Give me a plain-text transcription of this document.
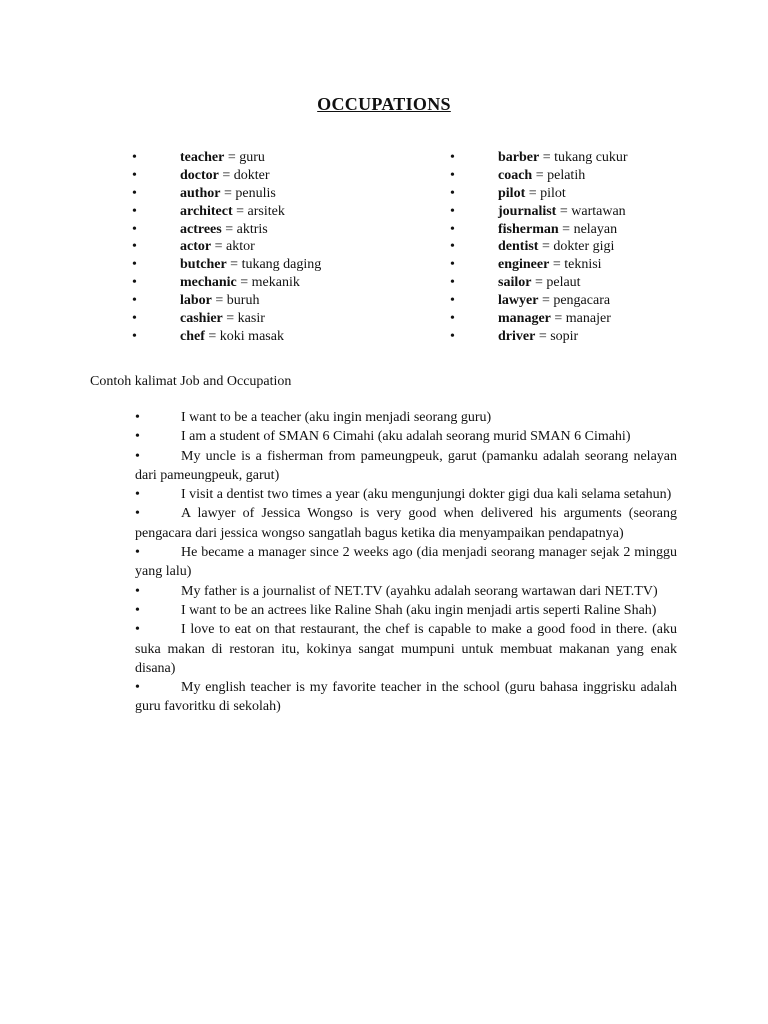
OCCUPATIONS
•	teacher = guru
•	doctor = dokter
•	author = penulis
•	architect = arsitek
•	actrees = aktris
•	actor = aktor
•	butcher = tukang daging
•	mechanic = mekanik
•	labor = buruh
•	cashier = kasir
•	chef = koki masak
•	barber = tukang cukur
•	coach = pelatih
•	pilot = pilot
•	journalist = wartawan
•	fisherman = nelayan
•	dentist = dokter gigi
•	engineer = teknisi
•	sailor = pelaut
•	lawyer = pengacara
•	manager = manajer
•	driver = sopir
Contoh kalimat Job and Occupation
•	I want to be a teacher (aku ingin menjadi seorang guru)
•	I am a student of SMAN 6 Cimahi (aku adalah seorang murid SMAN 6 Cimahi)
•	My uncle is a fisherman from pameungpeuk, garut (pamanku adalah seorang nelayan dari pameungpeuk, garut)
•	I visit a dentist two times a year (aku mengunjungi dokter gigi dua kali selama setahun)
•	A lawyer of Jessica Wongso is very good when delivered his arguments (seorang pengacara dari jessica wongso sangatlah bagus ketika dia menyampaikan pendapatnya)
•	He became a manager since 2 weeks ago (dia menjadi seorang manager sejak 2 minggu yang lalu)
•	My father is a journalist of NET.TV (ayahku adalah seorang wartawan dari NET.TV)
•	I want to be an actrees like Raline Shah (aku ingin menjadi artis seperti Raline Shah)
•	I love to eat on that restaurant, the chef is capable to make a good food in there. (aku suka makan di restoran itu, kokinya sangat mumpuni untuk membuat makanan yang enak disana)
•	My english teacher is my favorite teacher in the school (guru bahasa inggrisku adalah guru favoritku di sekolah)
